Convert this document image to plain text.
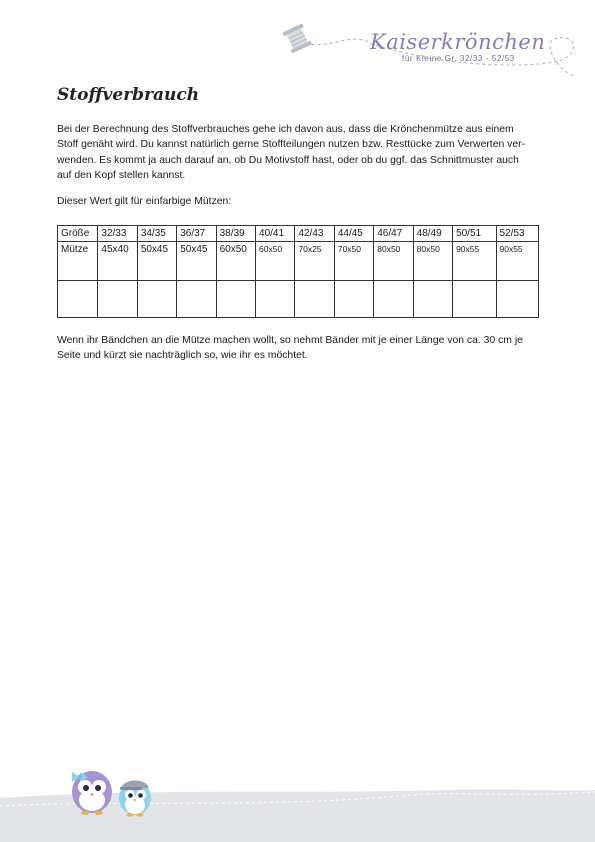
Kaiserkrönchen
für Kleine Gr. 32/33 - 52/53
Stoffverbrauch
Bei der Berechnung des Stoffverbrauches gehe ich davon aus, dass die Krönchenmütze aus einem
Stoff genäht wird. Du kannst natürlich gerne Stoffteilungen nutzen bzw. Resttücke zum Verwerten ver-
wenden. Es kommt ja auch darauf an, ob Du Motivstoff hast, oder ob du ggf. das Schnittmuster auch
auf den Kopf stellen kannst.
Dieser Wert gilt für einfarbige Mützen:
Größe	32/33	34/35	36/37	38/39	40/41	42/43	44/45	46/47	48/49	50/51	52/53
Mütze	45x40	50x45	50x45	60x50	60x50	70x25	70x50	80x50	80x50	90x55	90x55

Wenn ihr Bändchen an die Mütze machen wollt, so nehmt Bänder mit je einer Länge von ca. 30 cm je
Seite und kürzt sie nachträglich so, wie ihr es möchtet.
